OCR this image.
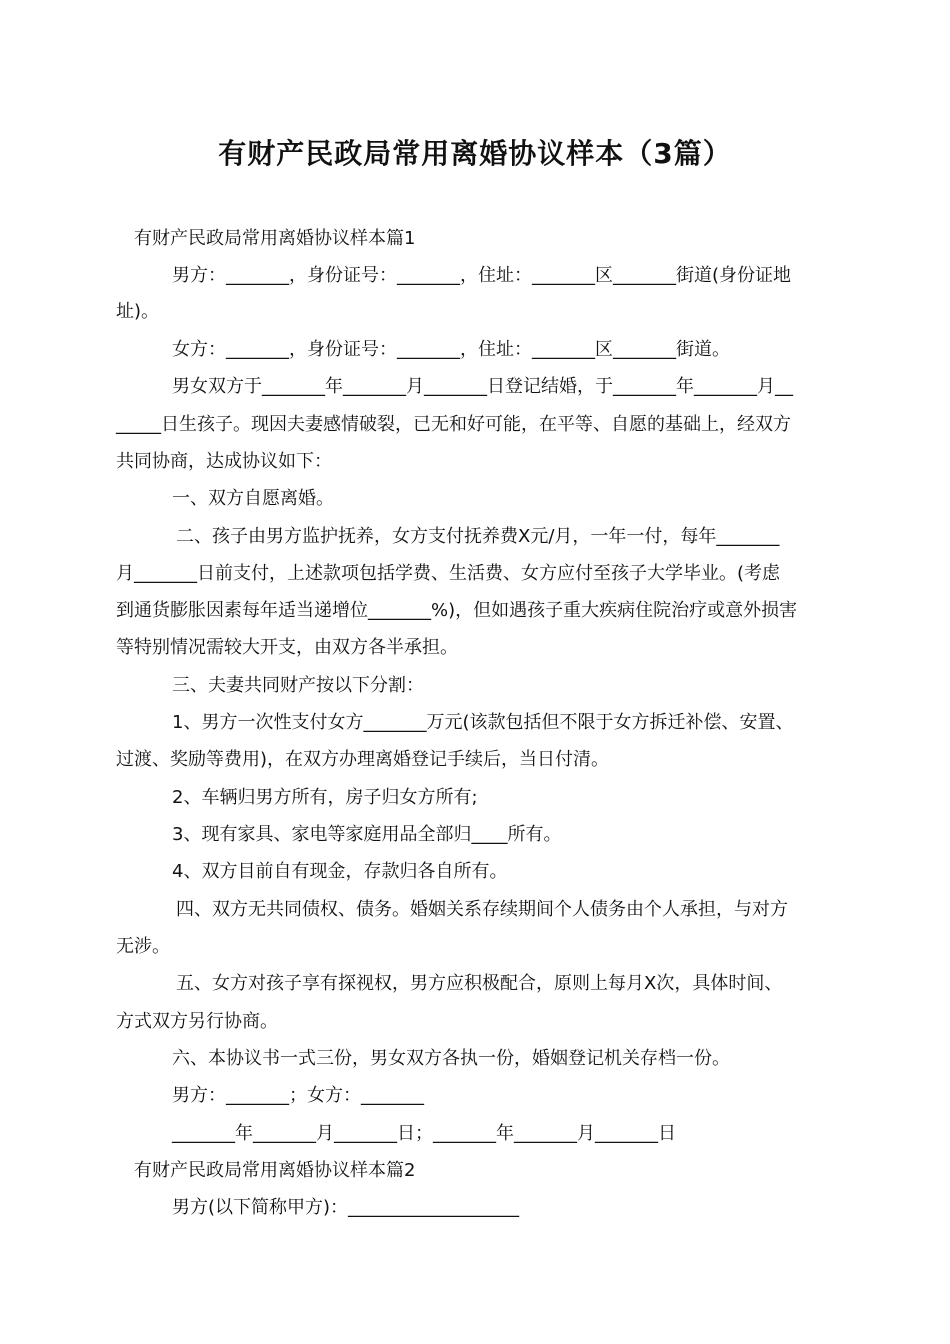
有财产民政局常用离婚协议样本（3篇）
有财产民政局常用离婚协议样本篇1
男方：_______，身份证号：_______，住址：_______区_______街道(身份证地
址)。
女方：_______，身份证号：_______，住址：_______区_______街道。
男女双方于_______年_______月_______日登记结婚，于_______年_______月__
_____日生孩子。现因夫妻感情破裂，已无和好可能，在平等、自愿的基础上，经双方
共同协商，达成协议如下：
一、双方自愿离婚。
二、孩子由男方监护抚养，女方支付抚养费X元/月，一年一付，每年_______
月_______日前支付，上述款项包括学费、生活费、女方应付至孩子大学毕业。(考虑
到通货膨胀因素每年适当递增位_______%)，但如遇孩子重大疾病住院治疗或意外损害
等特别情况需较大开支，由双方各半承担。
三、夫妻共同财产按以下分割：
1、男方一次性支付女方_______万元(该款包括但不限于女方拆迁补偿、安置、
过渡、奖励等费用)，在双方办理离婚登记手续后，当日付清。
2、车辆归男方所有，房子归女方所有;
3、现有家具、家电等家庭用品全部归____所有。
4、双方目前自有现金，存款归各自所有。
四、双方无共同债权、债务。婚姻关系存续期间个人债务由个人承担，与对方
无涉。
五、女方对孩子享有探视权，男方应积极配合，原则上每月X次，具体时间、
方式双方另行协商。
六、本协议书一式三份，男女双方各执一份，婚姻登记机关存档一份。
男方：_______；女方：_______
_______年_______月_______日；_______年_______月_______日
有财产民政局常用离婚协议样本篇2
男方(以下简称甲方)：___________________
